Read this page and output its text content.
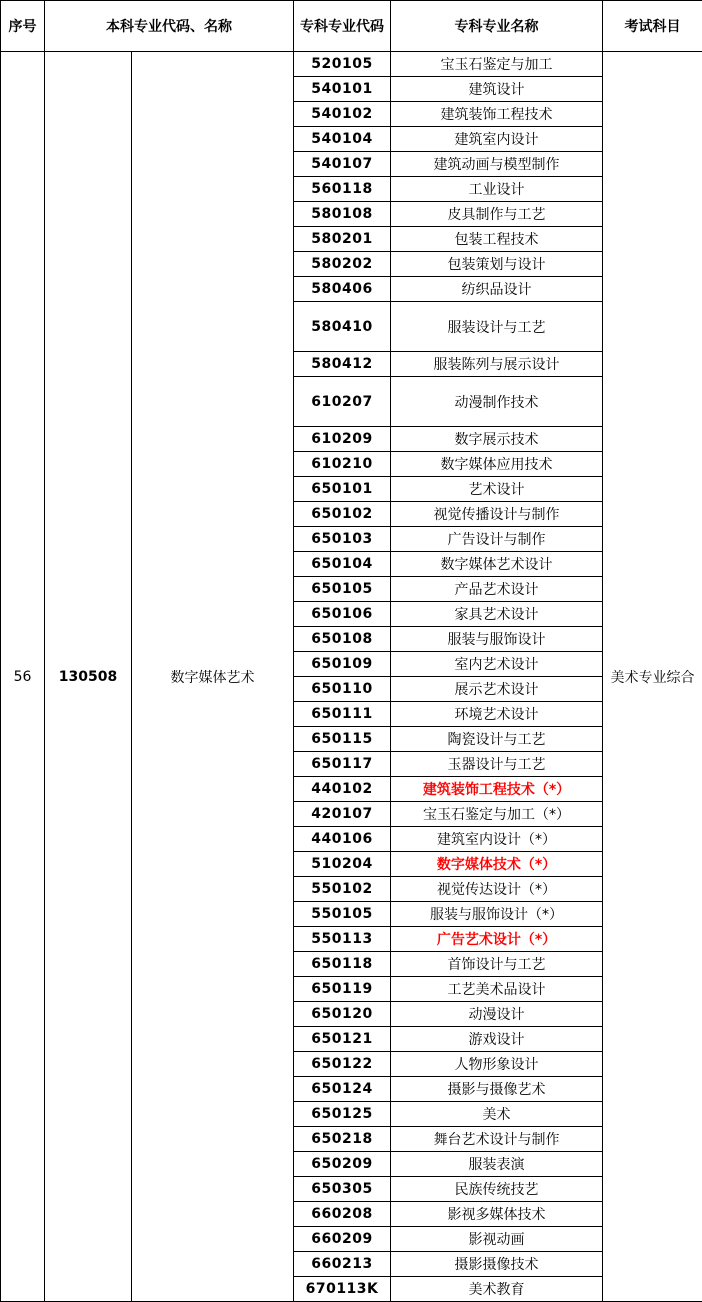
序号	本科专业代码、名称		专科专业代码	专科专业名称	考试科目
56	130508	数字媒体艺术	520105	宝玉石鉴定与加工	美术专业综合
			540101	建筑设计	
			540102	建筑装饰工程技术	
			540104	建筑室内设计	
			540107	建筑动画与模型制作	
			560118	工业设计	
			580108	皮具制作与工艺	
			580201	包装工程技术	
			580202	包装策划与设计	
			580406	纺织品设计	
			580410	服装设计与工艺	
			580412	服装陈列与展示设计	
			610207	动漫制作技术	
			610209	数字展示技术	
			610210	数字媒体应用技术	
			650101	艺术设计	
			650102	视觉传播设计与制作	
			650103	广告设计与制作	
			650104	数字媒体艺术设计	
			650105	产品艺术设计	
			650106	家具艺术设计	
			650108	服装与服饰设计	
			650109	室内艺术设计	
			650110	展示艺术设计	
			650111	环境艺术设计	
			650115	陶瓷设计与工艺	
			650117	玉器设计与工艺	
			440102	建筑装饰工程技术（*）	
			420107	宝玉石鉴定与加工（*）	
			440106	建筑室内设计（*）	
			510204	数字媒体技术（*）	
			550102	视觉传达设计（*）	
			550105	服装与服饰设计（*）	
			550113	广告艺术设计（*）	
			650118	首饰设计与工艺	
			650119	工艺美术品设计	
			650120	动漫设计	
			650121	游戏设计	
			650122	人物形象设计	
			650124	摄影与摄像艺术	
			650125	美术	
			650218	舞台艺术设计与制作	
			650209	服装表演	
			650305	民族传统技艺	
			660208	影视多媒体技术	
			660209	影视动画	
			660213	摄影摄像技术	
			670113K	美术教育	
